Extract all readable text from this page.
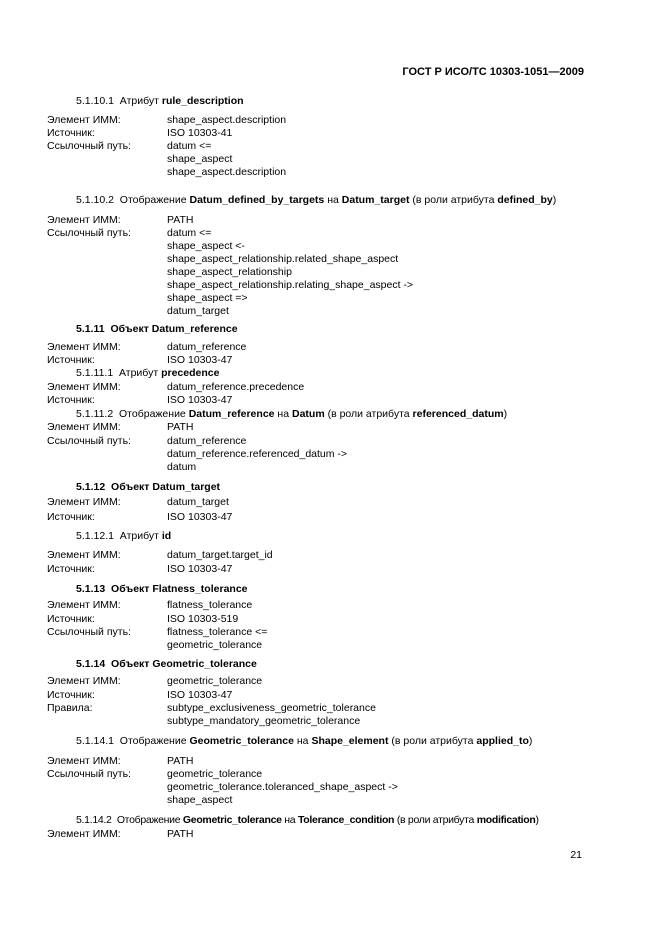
ГОСТ Р ИСО/ТС 10303-1051—2009
5.1.10.1 Атрибут rule_description
Элемент ИММ:	shape_aspect.description
Источник:	ISO 10303-41
Ссылочный путь:	datum <=
shape_aspect
shape_aspect.description
5.1.10.2 Отображение Datum_defined_by_targets на Datum_target (в роли атрибута defined_by)
Элемент ИММ:	PATH
Ссылочный путь:	datum <=
shape_aspect <-
shape_aspect_relationship.related_shape_aspect
shape_aspect_relationship
shape_aspect_relationship.relating_shape_aspect ->
shape_aspect =>
datum_target
5.1.11 Объект Datum_reference
Элемент ИММ:	datum_reference
Источник:	ISO 10303-47
5.1.11.1 Атрибут precedence
Элемент ИММ:	datum_reference.precedence
Источник:	ISO 10303-47
5.1.11.2 Отображение Datum_reference на Datum (в роли атрибута referenced_datum)
Элемент ИММ:	PATH
Ссылочный путь:	datum_reference
datum_reference.referenced_datum ->
datum
5.1.12 Объект Datum_target
Элемент ИММ:	datum_target
Источник:	ISO 10303-47
5.1.12.1 Атрибут id
Элемент ИММ:	datum_target.target_id
Источник:	ISO 10303-47
5.1.13 Объект Flatness_tolerance
Элемент ИММ:	flatness_tolerance
Источник:	ISO 10303-519
Ссылочный путь:	flatness_tolerance <=
geometric_tolerance
5.1.14 Объект Geometric_tolerance
Элемент ИММ:	geometric_tolerance
Источник:	ISO 10303-47
Правила:	subtype_exclusiveness_geometric_tolerance
subtype_mandatory_geometric_tolerance
5.1.14.1 Отображение Geometric_tolerance на Shape_element (в роли атрибута applied_to)
Элемент ИММ:	PATH
Ссылочный путь:	geometric_tolerance
geometric_tolerance.toleranced_shape_aspect ->
shape_aspect
5.1.14.2 Отображение Geometric_tolerance на Tolerance_condition (в роли атрибута modification)
Элемент ИММ:	PATH
21
